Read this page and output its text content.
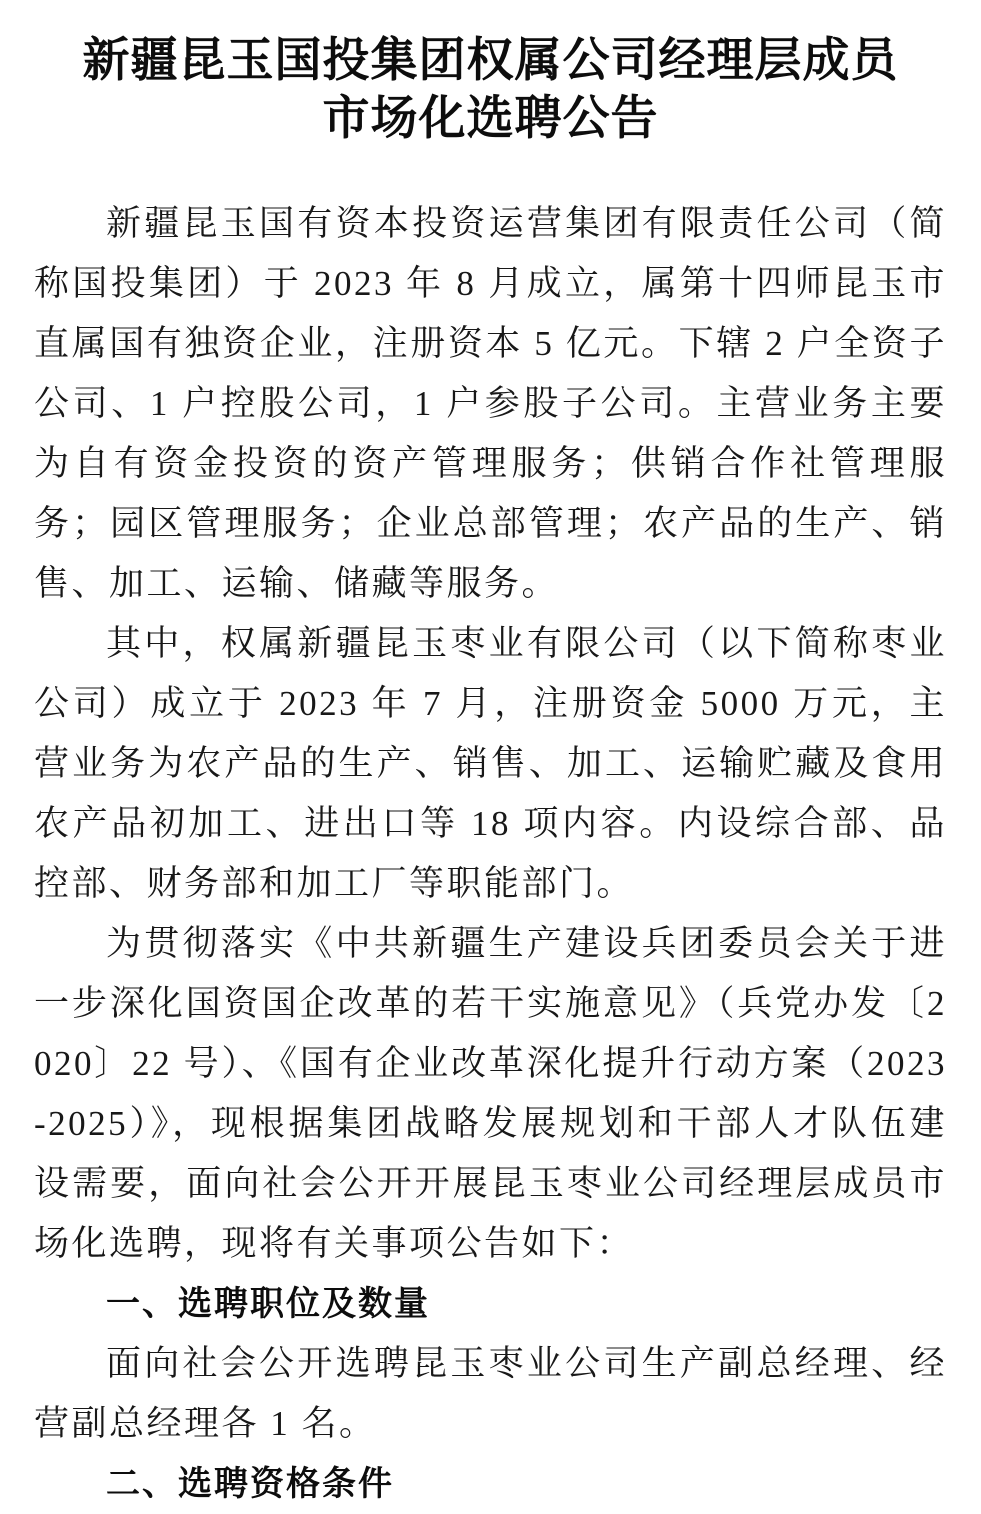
新疆昆玉国投集团权属公司经理层成员
市场化选聘公告

新疆昆玉国有资本投资运营集团有限责任公司（简称国投集团）于 2023 年 8 月成立，属第十四师昆玉市直属国有独资企业，注册资本 5 亿元。下辖 2 户全资子公司、1 户控股公司，1 户参股子公司。主营业务主要为自有资金投资的资产管理服务；供销合作社管理服务；园区管理服务；企业总部管理；农产品的生产、销售、加工、运输、储藏等服务。

其中，权属新疆昆玉枣业有限公司（以下简称枣业公司）成立于 2023 年 7 月，注册资金 5000 万元，主营业务为农产品的生产、销售、加工、运输贮藏及食用农产品初加工、进出口等 18 项内容。内设综合部、品控部、财务部和加工厂等职能部门。

为贯彻落实《中共新疆生产建设兵团委员会关于进一步深化国资国企改革的若干实施意见》（兵党办发〔2020〕22 号）、《国有企业改革深化提升行动方案（2023-2025）》，现根据集团战略发展规划和干部人才队伍建设需要，面向社会公开开展昆玉枣业公司经理层成员市场化选聘，现将有关事项公告如下：

一、选聘职位及数量

面向社会公开选聘昆玉枣业公司生产副总经理、经营副总经理各 1 名。

二、选聘资格条件
